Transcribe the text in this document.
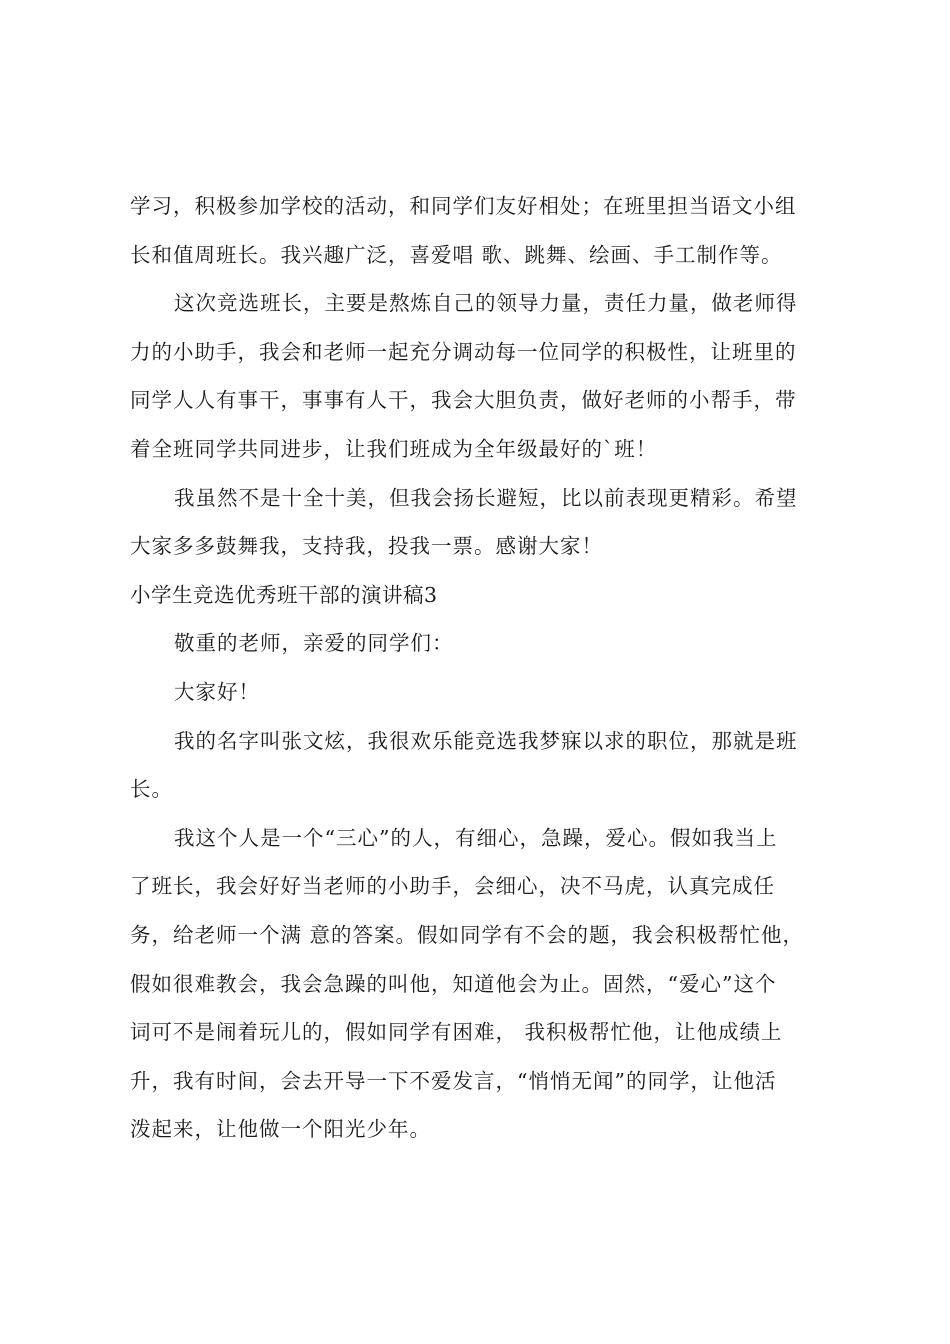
学习，积极参加学校的活动，和同学们友好相处；在班里担当语文小组
长和值周班长。我兴趣广泛，喜爱唱 歌、跳舞、绘画、手工制作等。
这次竞选班长，主要是熬炼自己的领导力量，责任力量，做老师得
力的小助手，我会和老师一起充分调动每一位同学的积极性，让班里的
同学人人有事干，事事有人干，我会大胆负责，做好老师的小帮手，带
着全班同学共同进步，让我们班成为全年级最好的`班！
我虽然不是十全十美，但我会扬长避短，比以前表现更精彩。希望
大家多多鼓舞我，支持我，投我一票。感谢大家！
小学生竞选优秀班干部的演讲稿3
敬重的老师，亲爱的同学们：
大家好！
我的名字叫张文炫，我很欢乐能竞选我梦寐以求的职位，那就是班
长。
我这个人是一个“三心”的人，有细心，急躁，爱心。假如我当上
了班长，我会好好当老师的小助手，会细心，决不马虎，认真完成任
务，给老师一个满 意的答案。假如同学有不会的题，我会积极帮忙他，
假如很难教会，我会急躁的叫他，知道他会为止。固然，“爱心”这个
词可不是闹着玩儿的，假如同学有困难， 我积极帮忙他，让他成绩上
升，我有时间，会去开导一下不爱发言，“悄悄无闻”的同学，让他活
泼起来，让他做一个阳光少年。
